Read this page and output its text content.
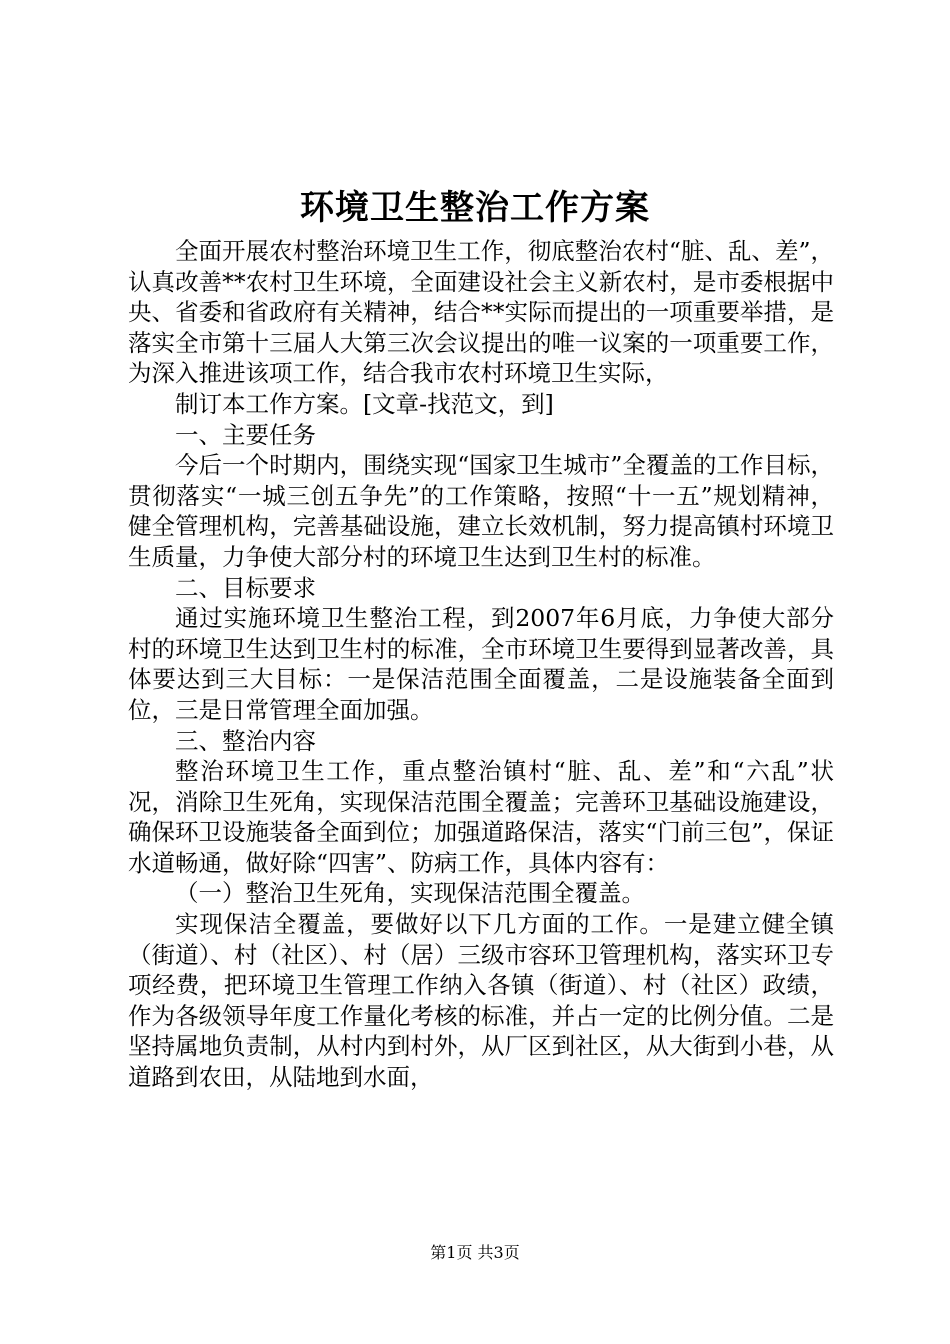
环境卫生整治工作方案

全面开展农村整治环境卫生工作，彻底整治农村“脏、乱、差”，认真改善**农村卫生环境，全面建设社会主义新农村，是市委根据中央、省委和省政府有关精神，结合**实际而提出的一项重要举措，是落实全市第十三届人大第三次会议提出的唯一议案的一项重要工作，为深入推进该项工作，结合我市农村环境卫生实际，

制订本工作方案。[文章-找范文，到]

一、主要任务

今后一个时期内，围绕实现“国家卫生城市”全覆盖的工作目标，贯彻落实“一城三创五争先”的工作策略，按照“十一五”规划精神，健全管理机构，完善基础设施，建立长效机制，努力提高镇村环境卫生质量，力争使大部分村的环境卫生达到卫生村的标准。

二、目标要求

通过实施环境卫生整治工程，到2007年6月底，力争使大部分村的环境卫生达到卫生村的标准，全市环境卫生要得到显著改善，具体要达到三大目标：一是保洁范围全面覆盖，二是设施装备全面到位，三是日常管理全面加强。

三、整治内容

整治环境卫生工作，重点整治镇村“脏、乱、差”和“六乱”状况，消除卫生死角，实现保洁范围全覆盖；完善环卫基础设施建设，确保环卫设施装备全面到位；加强道路保洁，落实“门前三包”，保证水道畅通，做好除“四害”、防病工作，具体内容有：

（一）整治卫生死角，实现保洁范围全覆盖。

实现保洁全覆盖，要做好以下几方面的工作。一是建立健全镇（街道）、村（社区）、村（居）三级市容环卫管理机构，落实环卫专项经费，把环境卫生管理工作纳入各镇（街道）、村（社区）政绩，作为各级领导年度工作量化考核的标准，并占一定的比例分值。二是坚持属地负责制，从村内到村外，从厂区到社区，从大街到小巷，从道路到农田，从陆地到水面，

第1页 共3页
